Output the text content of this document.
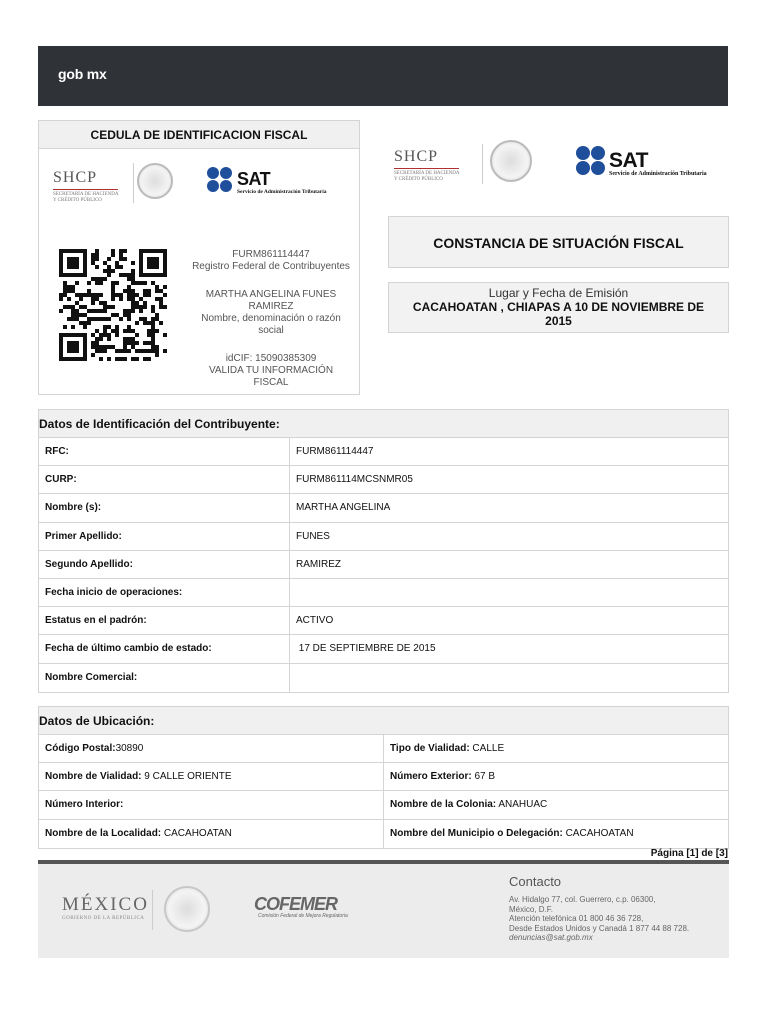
gob mx
CEDULA DE IDENTIFICACION FISCAL
SHCP
SECRETARÍA DE HACIENDA
Y CRÉDITO PÚBLICO
SAT
Servicio de Administración Tributaria
FURM861114447
Registro Federal de Contribuyentes
MARTHA ANGELINA FUNES
RAMIREZ
Nombre, denominación o razón
social
idCIF: 15090385309
VALIDA TU INFORMACIÓN
FISCAL
SHCP
SECRETARÍA DE HACIENDA
Y CRÉDITO PÚBLICO
SAT
Servicio de Administración Tributaria
CONSTANCIA DE SITUACIÓN FISCAL
Lugar y Fecha de Emisión
CACAHOATAN , CHIAPAS A 10 DE NOVIEMBRE DE
2015
Datos de Identificación del Contribuyente:
RFC:	FURM861114447
CURP:	FURM861114MCSNMR05
Nombre (s):	MARTHA ANGELINA
Primer Apellido:	FUNES
Segundo Apellido:	RAMIREZ
Fecha inicio de operaciones:
Estatus en el padrón:	ACTIVO
Fecha de último cambio de estado:	17 DE SEPTIEMBRE DE 2015
Nombre Comercial:
Datos de Ubicación:
Código Postal:30890	Tipo de Vialidad: CALLE
Nombre de Vialidad: 9 CALLE ORIENTE	Número Exterior: 67 B
Número Interior:	Nombre de la Colonia: ANAHUAC
Nombre de la Localidad: CACAHOATAN	Nombre del Municipio o Delegación: CACAHOATAN
Página [1] de [3]
MÉXICO
GOBIERNO DE LA REPÚBLICA
COFEMER
Comisión Federal de Mejora Regulatoria
Contacto
Av. Hidalgo 77, col. Guerrero, c.p. 06300,
México, D.F.
Atención telefónica 01 800 46 36 728,
Desde Estados Unidos y Canadá 1 877 44 88 728.
denuncias@sat.gob.mx
